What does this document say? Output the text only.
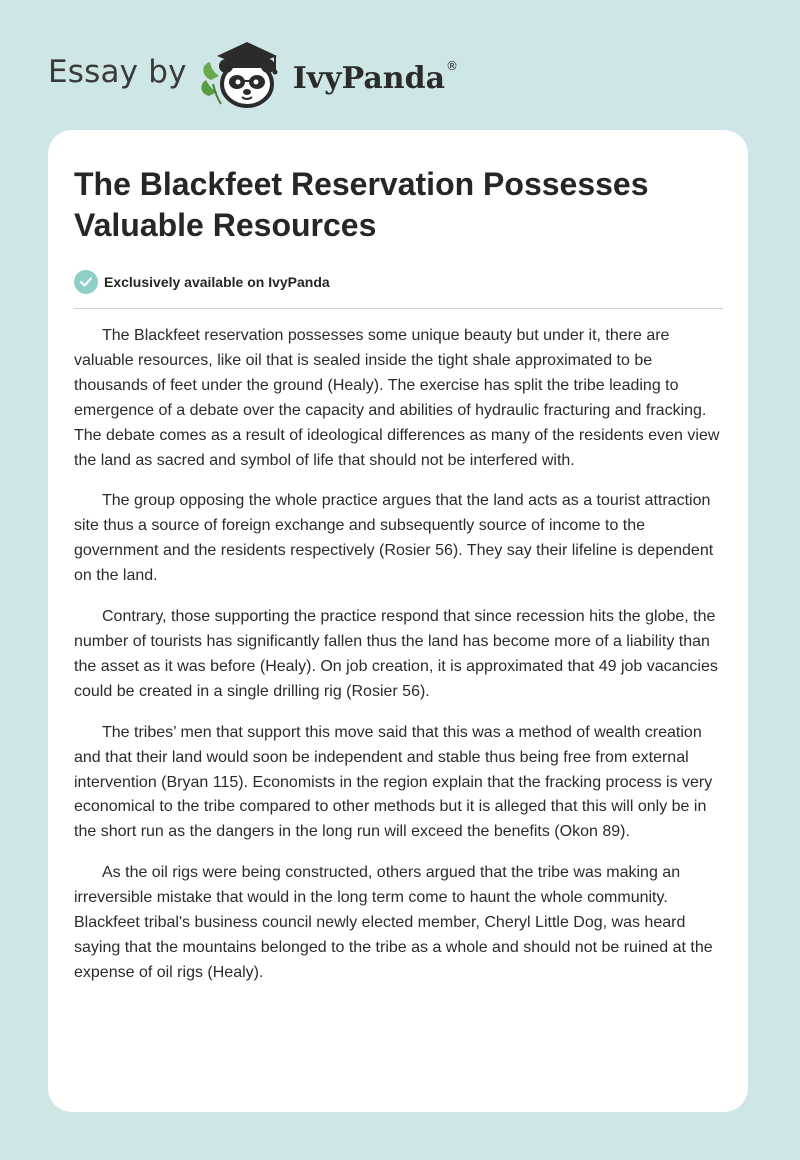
Essay by	IvyPanda ®
The Blackfeet Reservation Possesses Valuable Resources
Exclusively available on IvyPanda

The Blackfeet reservation possesses some unique beauty but under it, there are valuable resources, like oil that is sealed inside the tight shale approximated to be thousands of feet under the ground (Healy). The exercise has split the tribe leading to emergence of a debate over the capacity and abilities of hydraulic fracturing and fracking. The debate comes as a result of ideological differences as many of the residents even view the land as sacred and symbol of life that should not be interfered with.

The group opposing the whole practice argues that the land acts as a tourist attraction site thus a source of foreign exchange and subsequently source of income to the government and the residents respectively (Rosier 56). They say their lifeline is dependent on the land.

Contrary, those supporting the practice respond that since recession hits the globe, the number of tourists has significantly fallen thus the land has become more of a liability than the asset as it was before (Healy). On job creation, it is approximated that 49 job vacancies could be created in a single drilling rig (Rosier 56).

The tribes’ men that support this move said that this was a method of wealth creation and that their land would soon be independent and stable thus being free from external intervention (Bryan 115). Economists in the region explain that the fracking process is very economical to the tribe compared to other methods but it is alleged that this will only be in the short run as the dangers in the long run will exceed the benefits (Okon 89).

As the oil rigs were being constructed, others argued that the tribe was making an irreversible mistake that would in the long term come to haunt the whole community. Blackfeet tribal's business council newly elected member, Cheryl Little Dog, was heard saying that the mountains belonged to the tribe as a whole and should not be ruined at the expense of oil rigs (Healy).
